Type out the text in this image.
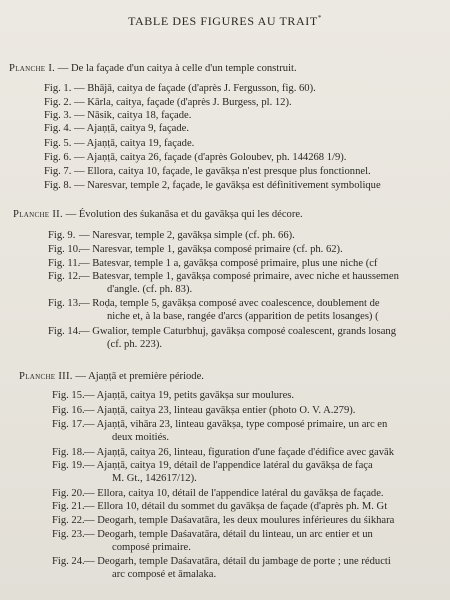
TABLE DES FIGURES AU TRAIT*
Planche I. — De la façade d'un caitya à celle d'un temple construit.
Fig. 1. — Bhājā, caitya de façade (d'après J. Fergusson, fig. 60).
Fig. 2. — Kārla, caitya, façade (d'après J. Burgess, pl. 12).
Fig. 3. — Nāsik, caitya 18, façade.
Fig. 4. — Ajaṇṭā, caitya 9, façade.
Fig. 5. — Ajaṇṭā, caitya 19, façade.
Fig. 6. — Ajaṇṭā, caitya 26, façade (d'après Goloubev, ph. 144268 1/9).
Fig. 7. — Ellora, caitya 10, façade, le gavākṣa n'est presque plus fonctionnel.
Fig. 8. — Naresvar, temple 2, façade, le gavākṣa est définitivement symbolique
Planche II. — Évolution des śukanāsa et du gavākṣa qui les décore.
Fig. 9. — Naresvar, temple 2, gavākṣa simple (cf. ph. 66).
Fig. 10.
— Naresvar, temple 1, gavākṣa composé primaire (cf. ph. 62).
Fig. 11.
— Batesvar, temple 1 a, gavākṣa composé primaire, plus une niche (cf
Fig. 12.
— Batesvar, temple 1, gavākṣa composé primaire, avec niche et haussemen
d'angle. (cf. ph. 83).
Fig. 13.
— Roḍa, temple 5, gavākṣa composé avec coalescence, doublement de
niche et, à la base, rangée d'arcs (apparition de petits losanges) (
Fig. 14.
— Gwalior, temple Caturbhuj, gavākṣa composé coalescent, grands losang
(cf. ph. 223).
Planche III. — Ajaṇṭā et première période.
Fig. 15. — Ajaṇṭā, caitya 19, petits gavākṣa sur moulures.
Fig. 16. — Ajaṇṭā, caitya 23, linteau gavākṣa entier (photo O. V. A.279).
Fig. 17. — Ajaṇṭā, vihāra 23, linteau gavākṣa, type composé primaire, un arc en
deux moitiés.
Fig. 18. — Ajaṇṭā, caitya 26, linteau, figuration d'une façade d'édifice avec gavāk
Fig. 19. — Ajaṇṭā, caitya 19, détail de l'appendice latéral du gavākṣa de faça
M. Gt., 142617/12).
Fig. 20. — Ellora, caitya 10, détail de l'appendice latéral du gavākṣa de façade.
Fig. 21. — Ellora 10, détail du sommet du gavākṣa de façade (d'après ph. M. Gt
Fig. 22. — Deogarh, temple Daśavatāra, les deux moulures inférieures du śikhara
Fig. 23. — Deogarh, temple Daśavatāra, détail du linteau, un arc entier et un
composé primaire.
Fig. 24. — Deogarh, temple Daśavatāra, détail du jambage de porte ; une réducti
arc composé et āmalaka.
